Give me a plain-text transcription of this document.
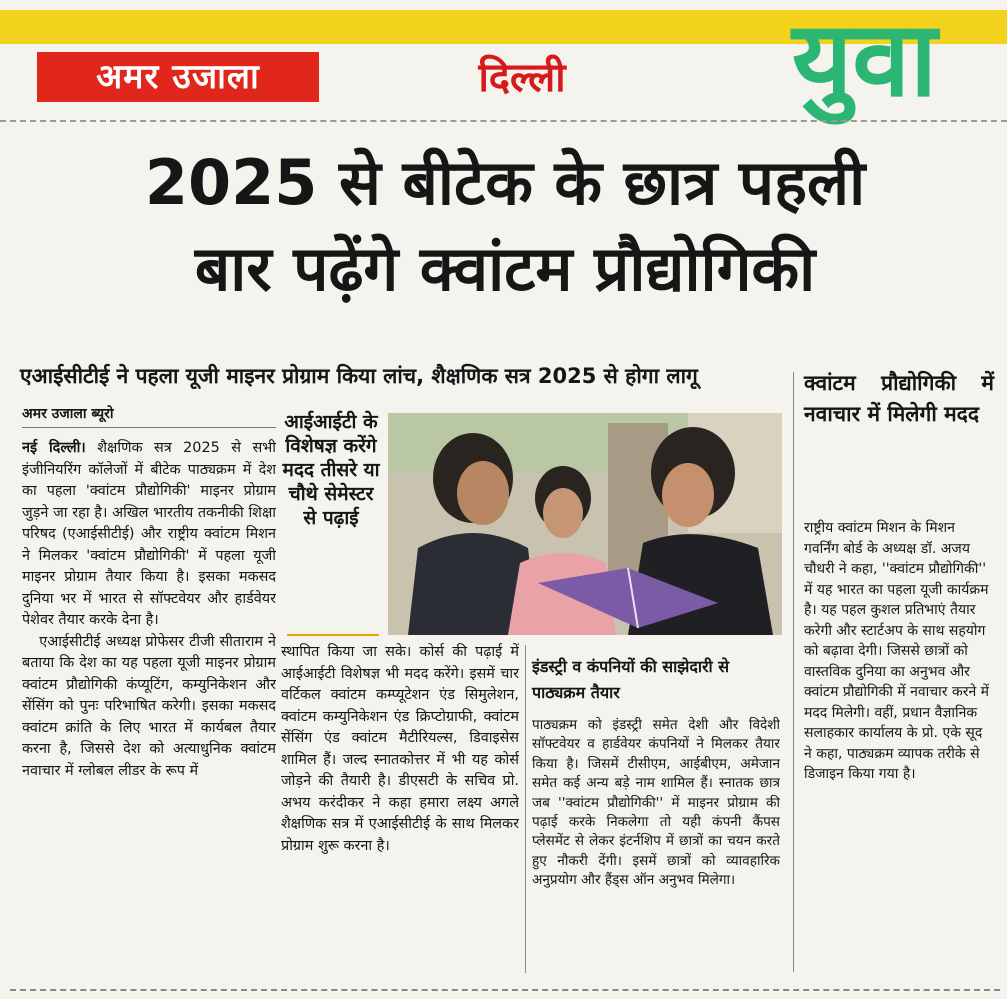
अमर उजाला	दिल्ली	युवा
2025 से बीटेक के छात्र पहली
बार पढ़ेंगे क्वांटम प्रौद्योगिकी
एआईसीटीई ने पहला यूजी माइनर प्रोग्राम किया लांच, शैक्षणिक सत्र 2025 से होगा लागू
अमर उजाला ब्यूरो

नई दिल्ली। शैक्षणिक सत्र 2025 से सभी इंजीनियरिंग कॉलेजों में बीटेक पाठ्यक्रम में देश का पहला 'क्वांटम प्रौद्योगिकी' माइनर प्रोग्राम जुड़ने जा रहा है। अखिल भारतीय तकनीकी शिक्षा परिषद (एआईसीटीई) और राष्ट्रीय क्वांटम मिशन ने मिलकर 'क्वांटम प्रौद्योगिकी' में पहला यूजी माइनर प्रोग्राम तैयार किया है। इसका मकसद दुनिया भर में भारत से सॉफ्टवेयर और हार्डवेयर पेशेवर तैयार करके देना है।

एआईसीटीई अध्यक्ष प्रोफेसर टीजी सीताराम ने बताया कि देश का यह पहला यूजी माइनर प्रोग्राम क्वांटम प्रौद्योगिकी कंप्यूटिंग, कम्युनिकेशन और सेंसिंग को पुनः परिभाषित करेगी। इसका मकसद क्वांटम क्रांति के लिए भारत में कार्यबल तैयार करना है, जिससे देश को अत्याधुनिक क्वांटम नवाचार में ग्लोबल लीडर के रूप में

आईआईटी के विशेषज्ञ करेंगे मदद तीसरे या चौथे सेमेस्टर से पढ़ाई

स्थापित किया जा सके। कोर्स की पढ़ाई में आईआईटी विशेषज्ञ भी मदद करेंगे। इसमें चार वर्टिकल क्वांटम कम्प्यूटेशन एंड सिमुलेशन, क्वांटम कम्युनिकेशन एंड क्रिप्टोग्राफी, क्वांटम सेंसिंग एंड क्वांटम मैटीरियल्स, डिवाइसेस शामिल हैं। जल्द स्नातकोत्तर में भी यह कोर्स जोड़ने की तैयारी है। डीएसटी के सचिव प्रो. अभय करंदीकर ने कहा हमारा लक्ष्य अगले शैक्षणिक सत्र में एआईसीटीई के साथ मिलकर प्रोग्राम शुरू करना है।

इंडस्ट्री व कंपनियों की साझेदारी से पाठ्यक्रम तैयार

पाठ्यक्रम को इंडस्ट्री समेत देशी और विदेशी सॉफ्टवेयर व हार्डवेयर कंपनियों ने मिलकर तैयार किया है। जिसमें टीसीएम, आईबीएम, अमेजान समेत कई अन्य बड़े नाम शामिल हैं। स्नातक छात्र जब ''क्वांटम प्रौद्योगिकी'' में माइनर प्रोग्राम की पढ़ाई करके निकलेगा तो यही कंपनी कैंपस प्लेसमेंट से लेकर इंटर्नशिप में छात्रों का चयन करते हुए नौकरी देंगी। इसमें छात्रों को व्यावहारिक अनुप्रयोग और हैंड्स ऑन अनुभव मिलेगा।

क्वांटम प्रौद्योगिकी में नवाचार में मिलेगी मदद

राष्ट्रीय क्वांटम मिशन के मिशन गवर्निंग बोर्ड के अध्यक्ष डॉ. अजय चौधरी ने कहा, ''क्वांटम प्रौद्योगिकी'' में यह भारत का पहला यूजी कार्यक्रम है। यह पहल कुशल प्रतिभाएं तैयार करेगी और स्टार्टअप के साथ सहयोग को बढ़ावा देगी। जिससे छात्रों को वास्तविक दुनिया का अनुभव और क्वांटम प्रौद्योगिकी में नवाचार करने में मदद मिलेगी। वहीं, प्रधान वैज्ञानिक सलाहकार कार्यालय के प्रो. एके सूद ने कहा, पाठ्यक्रम व्यापक तरीके से डिजाइन किया गया है।
